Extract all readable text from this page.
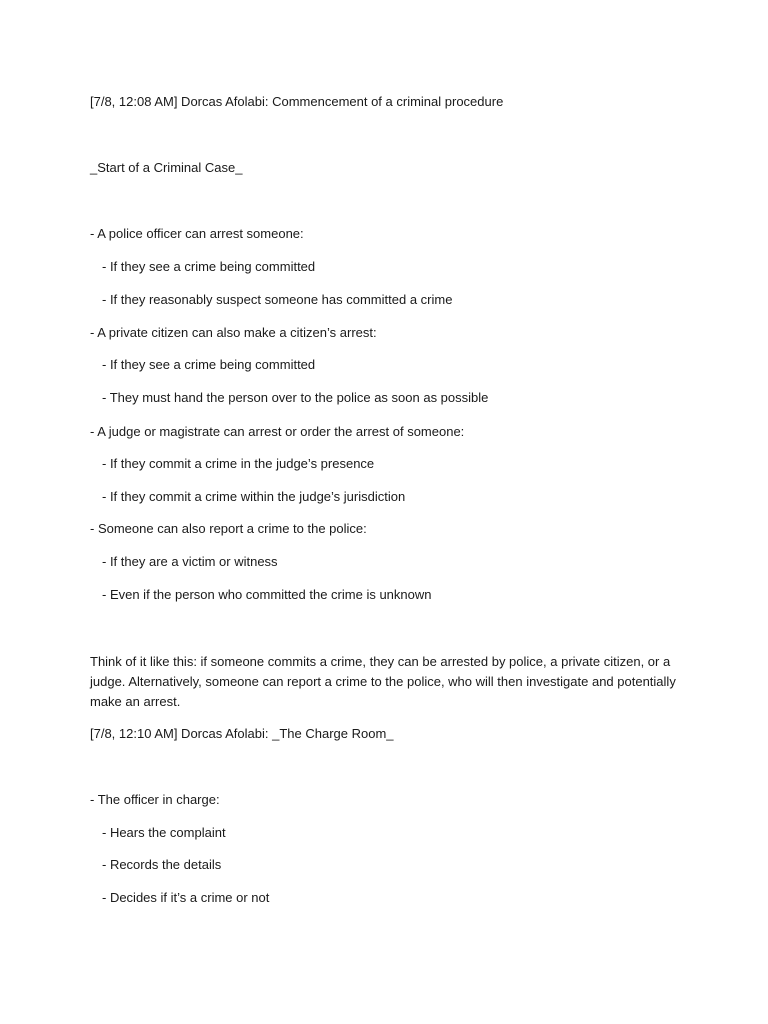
[7/8, 12:08 AM] Dorcas Afolabi: Commencement of a criminal procedure
_Start of a Criminal Case_
- A police officer can arrest someone:
- If they see a crime being committed
- If they reasonably suspect someone has committed a crime
- A private citizen can also make a citizen’s arrest:
- If they see a crime being committed
- They must hand the person over to the police as soon as possible
- A judge or magistrate can arrest or order the arrest of someone:
- If they commit a crime in the judge’s presence
- If they commit a crime within the judge’s jurisdiction
- Someone can also report a crime to the police:
- If they are a victim or witness
- Even if the person who committed the crime is unknown
Think of it like this: if someone commits a crime, they can be arrested by police, a private citizen, or a judge. Alternatively, someone can report a crime to the police, who will then investigate and potentially make an arrest.
[7/8, 12:10 AM] Dorcas Afolabi: _The Charge Room_
- The officer in charge:
- Hears the complaint
- Records the details
- Decides if it’s a crime or not
